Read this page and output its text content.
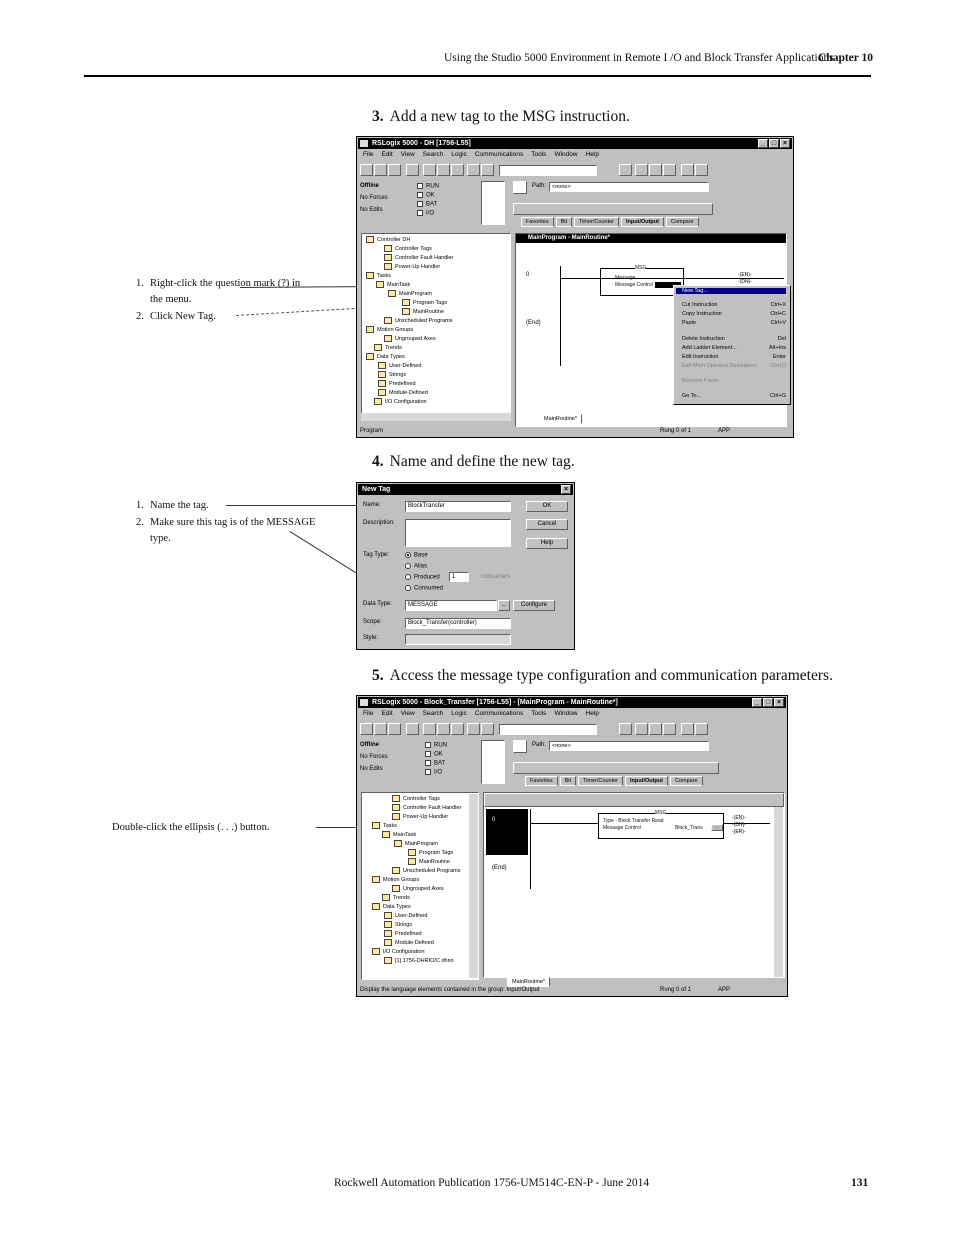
Using the Studio 5000 Environment in Remote I /O and Block Transfer Applications
Chapter 10
3. Add a new tag to the MSG instruction.
1. Right-click the question mark (?) in
the menu.
2. Click New Tag.
RSLogix 5000 - DH [1756-L55]	_ □ ×
File Edit View Search Logic Communications Tools Window Help
Offline
No Forces
No Edits
RUN
OK
BAT
I/O
Path:	<none>
Favorites	Bit	Timer/Counter	Input/Output	Compare
Controller DH
Controller Tags
Controller Fault Handler
Power-Up Handler
Tasks
MainTask
MainProgram
Program Tags
MainRoutine
Unscheduled Programs
Motion Groups
Ungrouped Axes
Trends
Data Types
User-Defined
Strings
Predefined
Module-Defined
I/O Configuration
MainProgram - MainRoutine*
0
(End)
MSG
Message
Message Control
-(EN)-
-(DN)-
MainRoutine*
New Tag...
Cut Instruction	Ctrl+X
Copy Instruction	Ctrl+C
Paste	Ctrl+V
Delete Instruction	Del
Add Ladder Element...	Alt+Ins
Edit Instruction	Enter
Edit Main Operand Description Ctrl+D
Remove Force
Go To...	Ctrl+G
Program	Rung 0 of 1	APP
4. Name and define the new tag.
1. Name the tag.
2. Make sure this tag is of the MESSAGE
type.
New Tag	×
Name:	BlockTransfer
Description:
OK
Cancel
Help
Tag Type:	Base
Alias
Produced	1	consumers
Consumed
Data Type:	MESSAGE	...	Configure
Scope:	Block_Transfer(controller)
Style:
5. Access the message type configuration and communication parameters.
Double-click the ellipsis (. . .) button.
RSLogix 5000 - Block_Transfer [1756-L55] - [MainProgram - MainRoutine*]	_ □ ×
File Edit View Search Logic Communications Tools Window Help
Offline
No Forces
No Edits
RUN
OK
BAT
I/O
Path:	<none>
Favorites	Bit	Timer/Counter	Input/Output	Compare
Controller Tags
Controller Fault Handler
Power-Up Handler
Tasks
MainTask
MainProgram
Program Tags
MainRoutine
Unscheduled Programs
Motion Groups
Ungrouped Axes
Trends
Data Types
User-Defined
Strings
Predefined
Module-Defined
I/O Configuration
[1] 1756-DHRIO/C dhrio
0
(End)
MSG
Type - Block Transfer Read
Message Control	Block_Trans	...
-(EN)-
-(DN)-
-(ER)-
MainRoutine*
Display the language elements contained in the group: Input/Output	Rung 0 of 1	APP
Rockwell Automation Publication 1756-UM514C-EN-P - June 2014	131
